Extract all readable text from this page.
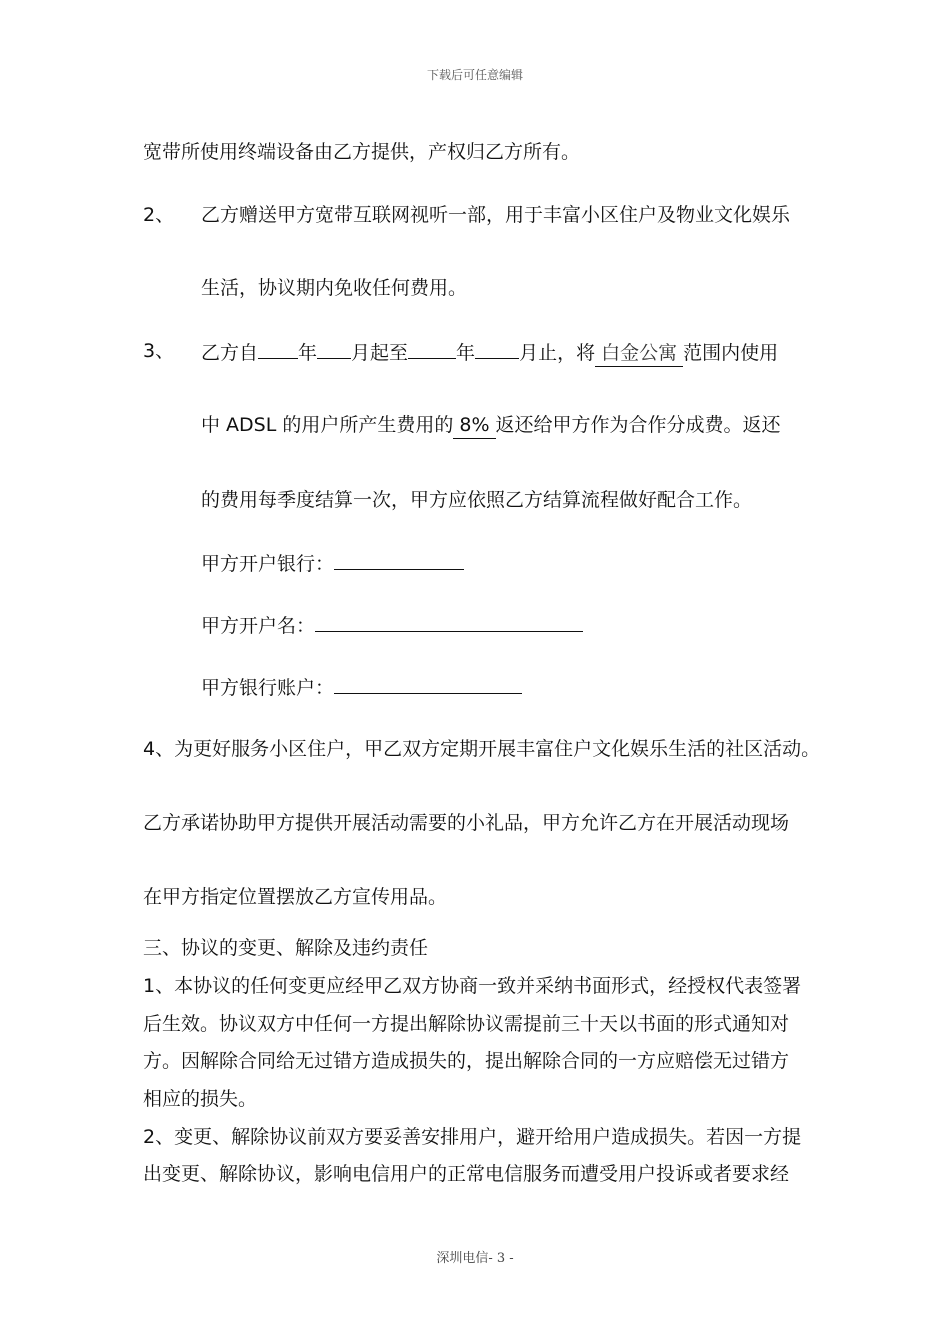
下载后可任意编辑
宽带所使用终端设备由乙方提供，产权归乙方所有。
2、 乙方赠送甲方宽带互联网视听一部，用于丰富小区住户及物业文化娱乐
生活，协议期内免收任何费用。
3、 乙方自 年 月起至	年 月止，将 白金公寓 范围内使用
中 ADSL 的用户所产生费用的 8% 返还给甲方作为合作分成费。返还
的费用每季度结算一次，甲方应依照乙方结算流程做好配合工作。
甲方开户银行：
甲方开户名：
甲方银行账户：
4、为更好服务小区住户，甲乙双方定期开展丰富住户文化娱乐生活的社区活动。
乙方承诺协助甲方提供开展活动需要的小礼品，甲方允许乙方在开展活动现场
在甲方指定位置摆放乙方宣传用品。
三、协议的变更、解除及违约责任
1、本协议的任何变更应经甲乙双方协商一致并采纳书面形式，经授权代表签署
后生效。协议双方中任何一方提出解除协议需提前三十天以书面的形式通知对
方。因解除合同给无过错方造成损失的，提出解除合同的一方应赔偿无过错方
相应的损失。
2、变更、解除协议前双方要妥善安排用户，避开给用户造成损失。若因一方提
出变更、解除协议，影响电信用户的正常电信服务而遭受用户投诉或者要求经
深圳电信- 3 -
